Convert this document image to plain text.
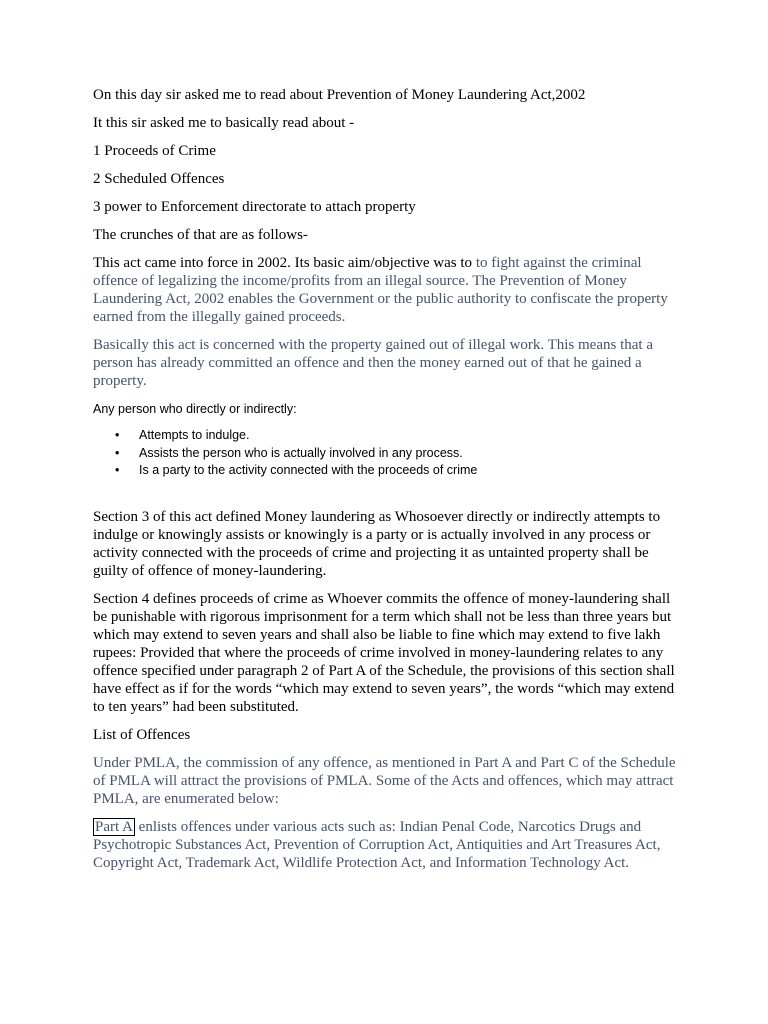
On this day sir asked me to read about Prevention of Money Laundering Act,2002

It this sir asked me to basically read about -

1 Proceeds of Crime

2 Scheduled Offences

3 power to Enforcement directorate to attach property

The crunches of that are as follows-

This act came into force in 2002. Its basic aim/objective was to to fight against the criminal offence of legalizing the income/profits from an illegal source. The Prevention of Money Laundering Act, 2002 enables the Government or the public authority to confiscate the property earned from the illegally gained proceeds.

Basically this act is concerned with the property gained out of illegal work. This means that a person has already committed an offence and then the money earned out of that he gained a property.

Any person who directly or indirectly:

• Attempts to indulge.
• Assists the person who is actually involved in any process.
• Is a party to the activity connected with the proceeds of crime

Section 3 of this act defined Money laundering as Whosoever directly or indirectly attempts to indulge or knowingly assists or knowingly is a party or is actually involved in any process or activity connected with the proceeds of crime and projecting it as untainted property shall be guilty of offence of money-laundering.

Section 4 defines proceeds of crime as Whoever commits the offence of money-laundering shall be punishable with rigorous imprisonment for a term which shall not be less than three years but which may extend to seven years and shall also be liable to fine which may extend to five lakh rupees: Provided that where the proceeds of crime involved in money-laundering relates to any offence specified under paragraph 2 of Part A of the Schedule, the provisions of this section shall have effect as if for the words “which may extend to seven years”, the words “which may extend to ten years” had been substituted.

List of Offences

Under PMLA, the commission of any offence, as mentioned in Part A and Part C of the Schedule of PMLA will attract the provisions of PMLA. Some of the Acts and offences, which may attract PMLA, are enumerated below:

Part A enlists offences under various acts such as: Indian Penal Code, Narcotics Drugs and Psychotropic Substances Act, Prevention of Corruption Act, Antiquities and Art Treasures Act, Copyright Act, Trademark Act, Wildlife Protection Act, and Information Technology Act.
